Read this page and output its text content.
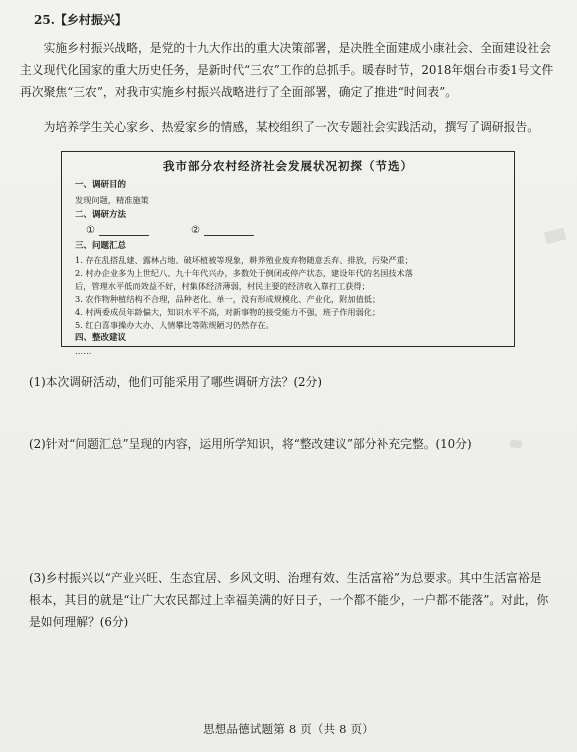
25.【乡村振兴】
实施乡村振兴战略，是党的十九大作出的重大决策部署，是决胜全面建成小康社会、全面建设社会主义现代化国家的重大历史任务，是新时代“三农”工作的总抓手。暖春时节，2018年烟台市委1号文件再次聚焦“三农”，对我市实施乡村振兴战略进行了全面部署，确定了推进“时间表”。
为培养学生关心家乡、热爱家乡的情感，某校组织了一次专题社会实践活动，撰写了调研报告。
我市部分农村经济社会发展状况初探（节选）
一、调研目的
发现问题，精准施策
二、调研方法
①	②
三、问题汇总
1. 存在乱搭乱建、露林占地、破坏植被等现象，耕养殖业废弃物随意丢弃、排放，污染严重；
2. 村办企业多为上世纪八、九十年代兴办，多数处于倒闭或停产状态，建设年代的名国技术落
后，管理水平低而效益不好，村集体经济薄弱，村民主要的经济收入靠打工获得；
3. 农作物种植结构不合理，品种老化、单一，没有形成规模化、产业化，附加值低；
4. 村两委成员年龄偏大，知识水平不高，对新事物的接受能力不强，班子作用弱化；
5. 红白喜事操办大办、人情攀比等陈规陋习仍然存在。
四、整改建议
……
(1)本次调研活动，他们可能采用了哪些调研方法？(2分)
(2)针对“问题汇总”呈现的内容，运用所学知识，将“整改建议”部分补充完整。(10分)
(3)乡村振兴以“产业兴旺、生态宜居、乡风文明、治理有效、生活富裕”为总要求。其中生活富裕是根本，其目的就是“让广大农民都过上幸福美满的好日子，一个都不能少，一户都不能落”。对此，你是如何理解？(6分)
思想品德试题第 8 页（共 8 页）
